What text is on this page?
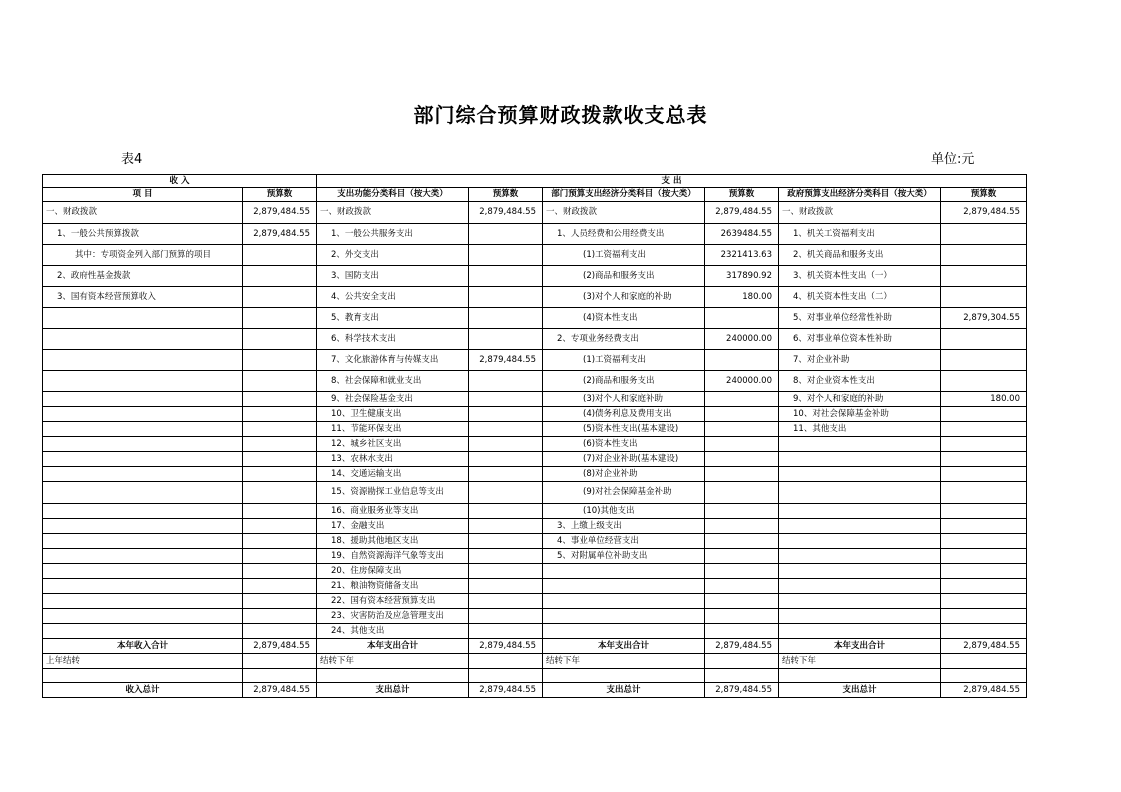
部门综合预算财政拨款收支总表
表4	单位:元
收 入		支 出					
项 目	预算数	支出功能分类科目（按大类）	预算数	部门预算支出经济分类科目（按大类）	预算数	政府预算支出经济分类科目（按大类）	预算数
一、财政拨款	2,879,484.55	一、财政拨款	2,879,484.55	一、财政拨款	2,879,484.55	一、财政拨款	2,879,484.55
1、一般公共预算拨款	2,879,484.55	1、一般公共服务支出		1、人员经费和公用经费支出	2639484.55	1、机关工资福利支出	
其中：专项资金列入部门预算的项目		2、外交支出		(1)工资福利支出	2321413.63	2、机关商品和服务支出	
2、政府性基金拨款		3、国防支出		(2)商品和服务支出	317890.92	3、机关资本性支出（一）	
3、国有资本经营预算收入		4、公共安全支出		(3)对个人和家庭的补助	180.00	4、机关资本性支出（二）	
		5、教育支出		(4)资本性支出		5、对事业单位经常性补助	2,879,304.55
		6、科学技术支出		2、专项业务经费支出	240000.00	6、对事业单位资本性补助	
		7、文化旅游体育与传媒支出	2,879,484.55	(1)工资福利支出		7、对企业补助	
		8、社会保障和就业支出		(2)商品和服务支出	240000.00	8、对企业资本性支出	
		9、社会保险基金支出		(3)对个人和家庭补助		9、对个人和家庭的补助	180.00
		10、卫生健康支出		(4)债务利息及费用支出		10、对社会保障基金补助	
		11、节能环保支出		(5)资本性支出(基本建设)		11、其他支出	
		12、城乡社区支出		(6)资本性支出			
		13、农林水支出		(7)对企业补助(基本建设)			
		14、交通运输支出		(8)对企业补助			
		15、资源勘探工业信息等支出		(9)对社会保障基金补助			
		16、商业服务业等支出		(10)其他支出			
		17、金融支出		3、上缴上级支出			
		18、援助其他地区支出		4、事业单位经营支出			
		19、自然资源海洋气象等支出		5、对附属单位补助支出			
		20、住房保障支出					
		21、粮油物资储备支出					
		22、国有资本经营预算支出					
		23、灾害防治及应急管理支出					
		24、其他支出					
本年收入合计	2,879,484.55	本年支出合计	2,879,484.55	本年支出合计	2,879,484.55	本年支出合计	2,879,484.55
上年结转		结转下年		结转下年		结转下年	

收入总计	2,879,484.55	支出总计	2,879,484.55	支出总计	2,879,484.55	支出总计	2,879,484.55
